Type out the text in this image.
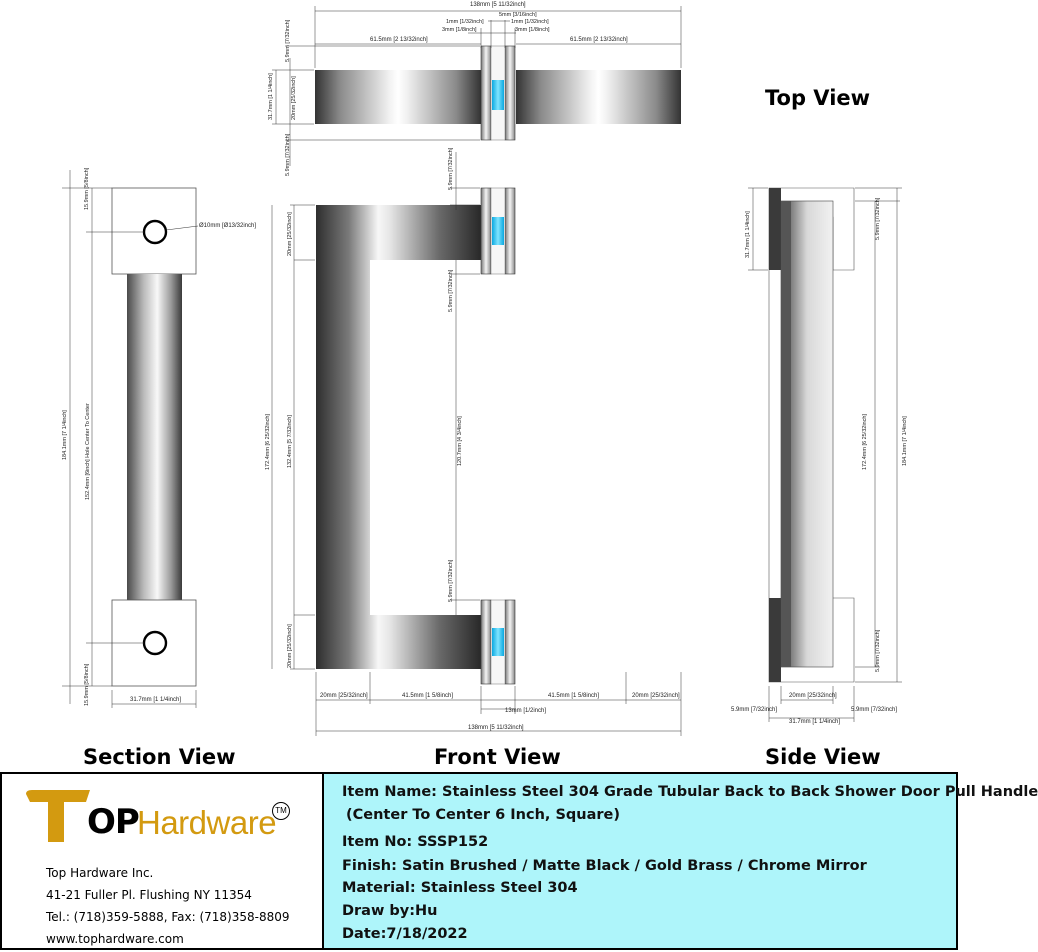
138mm [5 11/32inch]
61.5mm [2 13/32inch]	61.5mm [2 13/32inch]
1mm [1/32inch]
3mm [1/8inch]
5mm [3/16inch]
1mm [1/32inch]
3mm [1/8inch]
5.9mm [7/32inch]
31.7mm [1 1/4inch]	20mm [25/32inch]
5.9mm [7/32inch]
Ø10mm [Ø13/32inch]
15.9mm [5/8inch]
184.1mm [7 1/4inch]	152.4mm [6inch] Hole Center To Center
15.9mm [5/8inch]	31.7mm [1 1/4inch]
5.9mm [7/32inch]
20mm [25/32inch]
5.9mm [7/32inch]
172.4mm [6 25/32inch]	132.4mm [5 7/32inch]	120.7mm [4 3/4inch]
5.9mm [7/32inch]
20mm [25/32inch]
20mm [25/32inch]	41.5mm [1 5/8inch]	41.5mm [1 5/8inch]	20mm [25/32inch]
13mm [1/2inch]
138mm [5 11/32inch]
31.7mm [1 1/4inch]	5.9mm [7/32inch]
172.4mm [6 25/32inch]	184.1mm [7 1/4inch]
5.9mm [7/32inch]
20mm [25/32inch]
5.9mm [7/32inch]	5.9mm [7/32inch]
31.7mm [1 1/4inch]
Top View
Section View	Front View	Side View
OP
Hardware TM
Top Hardware Inc.
41-21 Fuller Pl. Flushing NY 11354
Tel.: (718)359-5888, Fax: (718)358-8809
www.tophardware.com
Item Name: Stainless Steel 304 Grade Tubular Back to Back Shower Door Pull Handle
(Center To Center 6 Inch, Square)
Item No: SSSP152
Finish: Satin Brushed / Matte Black / Gold Brass / Chrome Mirror
Material: Stainless Steel 304
Draw by:Hu
Date:7/18/2022
